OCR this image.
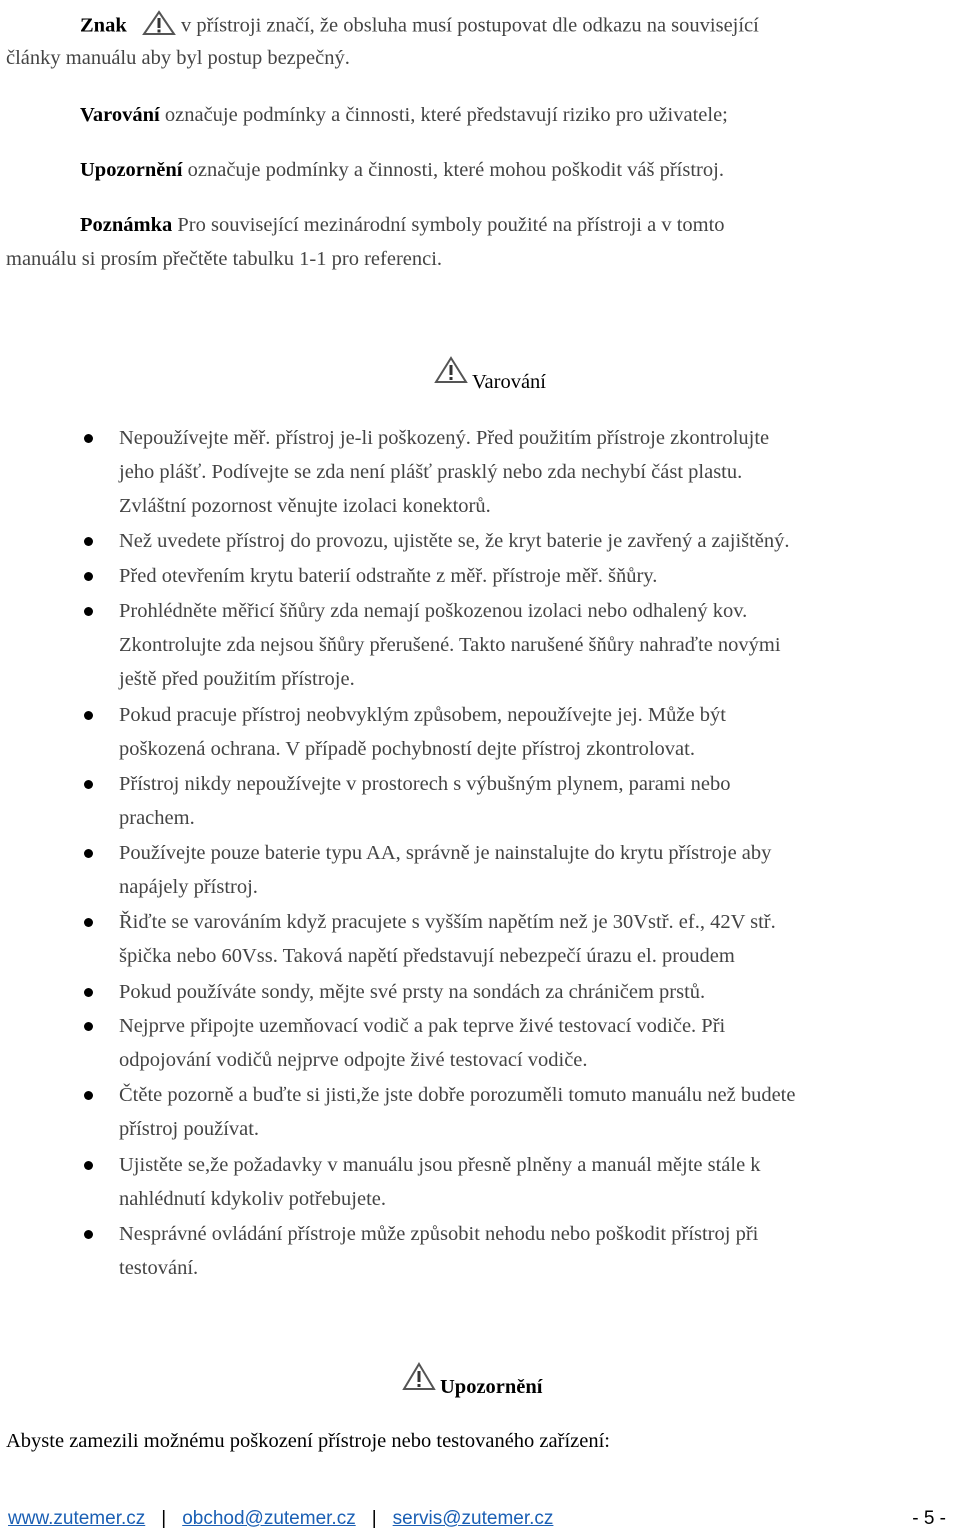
Znak
v přístroji značí, že obsluha musí postupovat dle odkazu na související
články manuálu aby byl postup bezpečný.
Varování označuje podmínky a činnosti, které představují riziko pro uživatele;
Upozornění označuje podmínky a činnosti, které mohou poškodit váš přístroj.
Poznámka Pro související mezinárodní symboly použité na přístroji a v tomto
manuálu si prosím přečtěte tabulku 1-1 pro referenci.
Varování
Nepoužívejte měř. přístroj je-li poškozený. Před použitím přístroje zkontrolujte
jeho plášť. Podívejte se zda není plášť prasklý nebo zda nechybí část plastu.
Zvláštní pozornost věnujte izolaci konektorů.
Než uvedete přístroj do provozu, ujistěte se, že kryt baterie je zavřený a zajištěný.
Před otevřením krytu baterií odstraňte z měř. přístroje měř. šňůry.
Prohlédněte měřicí šňůry zda nemají poškozenou izolaci nebo odhalený kov.
Zkontrolujte zda nejsou šňůry přerušené. Takto narušené šňůry nahraďte novými
ještě před použitím přístroje.
Pokud pracuje přístroj neobvyklým způsobem, nepoužívejte jej. Může být
poškozená ochrana. V případě pochybností dejte přístroj zkontrolovat.
Přístroj nikdy nepoužívejte v prostorech s výbušným plynem, parami nebo
prachem.
Používejte pouze baterie typu AA, správně je nainstalujte do krytu přístroje aby
napájely přístroj.
Řiďte se varováním když pracujete s vyšším napětím než je 30Vstř. ef., 42V stř.
špička nebo 60Vss. Taková napětí představují nebezpečí úrazu el. proudem
Pokud používáte sondy, mějte své prsty na sondách za chráničem prstů.
Nejprve připojte uzemňovací vodič a pak teprve živé testovací vodiče. Při
odpojování vodičů nejprve odpojte živé testovací vodiče.
Čtěte pozorně a buďte si jisti,že jste dobře porozuměli tomuto manuálu než budete
přístroj používat.
Ujistěte se,že požadavky v manuálu jsou přesně plněny a manuál mějte stále k
nahlédnutí kdykoliv potřebujete.
Nesprávné ovládání přístroje může způsobit nehodu nebo poškodit přístroj při
testování.
Upozornění
Abyste zamezili možnému poškození přístroje nebo testovaného zařízení:
www.zutemer.cz | obchod@zutemer.cz | servis@zutemer.cz	- 5 -
